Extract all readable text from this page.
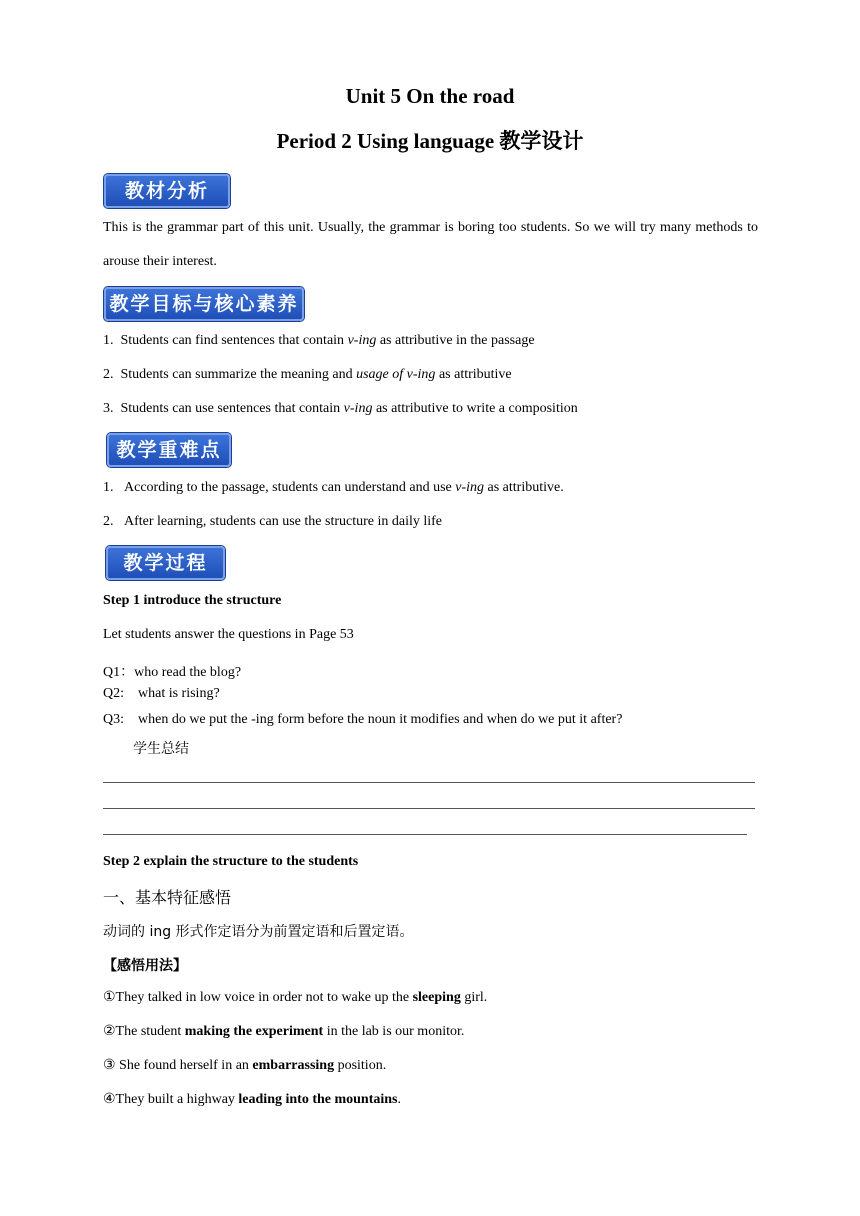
Unit 5 On the road
Period 2 Using language 教学设计
教材分析
This is the grammar part of this unit. Usually, the grammar is boring too students. So we will try many methods to arouse their interest.
教学目标与核心素养
1. Students can find sentences that contain v-ing as attributive in the passage
2. Students can summarize the meaning and usage of v-ing as attributive
3. Students can use sentences that contain v-ing as attributive to write a composition
教学重难点
1. According to the passage, students can understand and use v-ing as attributive.
2. After learning, students can use the structure in daily life
教学过程
Step 1 introduce the structure
Let students answer the questions in Page 53
Q1：who read the blog?
Q2: what is rising?
Q3: when do we put the -ing form before the noun it modifies and when do we put it after?
学生总结
Step 2 explain the structure to the students
一、基本特征感悟
动词的 ing 形式作定语分为前置定语和后置定语。
【感悟用法】
①They talked in low voice in order not to wake up the sleeping girl.
②The student making the experiment in the lab is our monitor.
③ She found herself in an embarrassing position.
④They built a highway leading into the mountains.
